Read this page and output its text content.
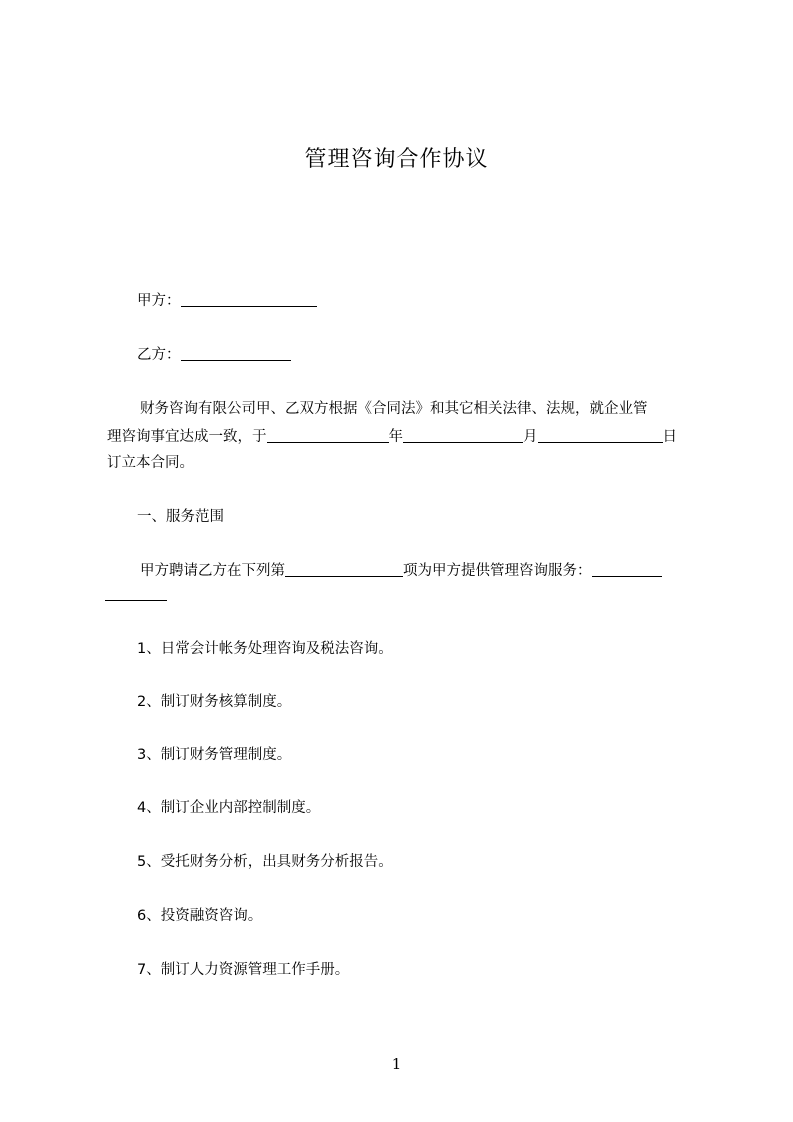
管理咨询合作协议
甲方：
乙方：
财务咨询有限公司甲、乙双方根据《合同法》和其它相关法律、法规，就企业管
理咨询事宜达成一致，于	年	月	日
订立本合同。
一、服务范围
甲方聘请乙方在下列第	项为甲方提供管理咨询服务：
1、日常会计帐务处理咨询及税法咨询。
2、制订财务核算制度。
3、制订财务管理制度。
4、制订企业内部控制制度。
5、受托财务分析，出具财务分析报告。
6、投资融资咨询。
7、制订人力资源管理工作手册。
1
